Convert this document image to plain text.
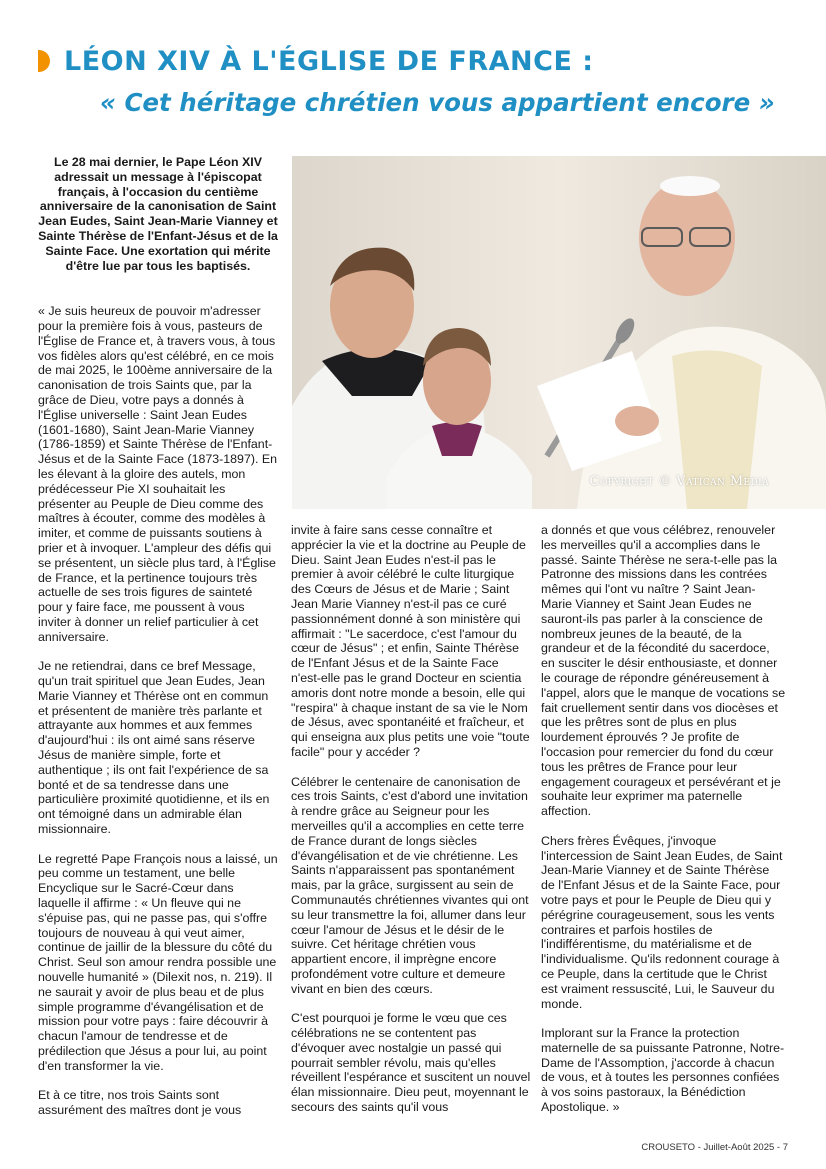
LÉON XIV À L'ÉGLISE DE FRANCE :
« Cet héritage chrétien vous appartient encore »

Le 28 mai dernier, le Pape Léon XIV adressait un message à l'épiscopat français, à l'occasion du centième anniversaire de la canonisation de Saint Jean Eudes, Saint Jean-Marie Vianney et Sainte Thérèse de l'Enfant-Jésus et de la Sainte Face. Une exortation qui mérite d'être lue par tous les baptisés.

« Je suis heureux de pouvoir m'adresser pour la première fois à vous, pasteurs de l'Église de France et, à travers vous, à tous vos fidèles alors qu'est célébré, en ce mois de mai 2025, le 100ème anniversaire de la canonisation de trois Saints que, par la grâce de Dieu, votre pays a donnés à l'Église universelle : Saint Jean Eudes (1601-1680), Saint Jean-Marie Vianney (1786-1859) et Sainte Thérèse de l'Enfant-Jésus et de la Sainte Face (1873-1897). En les élevant à la gloire des autels, mon prédécesseur Pie XI souhaitait les présenter au Peuple de Dieu comme des maîtres à écouter, comme des modèles à imiter, et comme de puissants soutiens à prier et à invoquer. L'ampleur des défis qui se présentent, un siècle plus tard, à l'Église de France, et la pertinence toujours très actuelle de ses trois figures de sainteté pour y faire face, me poussent à vous inviter à donner un relief particulier à cet anniversaire.

Je ne retiendrai, dans ce bref Message, qu'un trait spirituel que Jean Eudes, Jean Marie Vianney et Thérèse ont en commun et présentent de manière très parlante et attrayante aux hommes et aux femmes d'aujourd'hui : ils ont aimé sans réserve Jésus de manière simple, forte et authentique ; ils ont fait l'expérience de sa bonté et de sa tendresse dans une particulière proximité quotidienne, et ils en ont témoigné dans un admirable élan missionnaire.

Le regretté Pape François nous a laissé, un peu comme un testament, une belle Encyclique sur le Sacré-Cœur dans laquelle il affirme : « Un fleuve qui ne s'épuise pas, qui ne passe pas, qui s'offre toujours de nouveau à qui veut aimer, continue de jaillir de la blessure du côté du Christ. Seul son amour rendra possible une nouvelle humanité » (Dilexit nos, n. 219). Il ne saurait y avoir de plus beau et de plus simple programme d'évangélisation et de mission pour votre pays : faire découvrir à chacun l'amour de tendresse et de prédilection que Jésus a pour lui, au point d'en transformer la vie.

Et à ce titre, nos trois Saints sont assurément des maîtres dont je vous

Copyright © Vatican Media

invite à faire sans cesse connaître et apprécier la vie et la doctrine au Peuple de Dieu. Saint Jean Eudes n'est-il pas le premier à avoir célébré le culte liturgique des Cœurs de Jésus et de Marie ; Saint Jean Marie Vianney n'est-il pas ce curé passionnément donné à son ministère qui affirmait : "Le sacerdoce, c'est l'amour du cœur de Jésus" ; et enfin, Sainte Thérèse de l'Enfant Jésus et de la Sainte Face n'est-elle pas le grand Docteur en scientia amoris dont notre monde a besoin, elle qui "respira" à chaque instant de sa vie le Nom de Jésus, avec spontanéité et fraîcheur, et qui enseigna aux plus petits une voie "toute facile" pour y accéder ?

Célébrer le centenaire de canonisation de ces trois Saints, c'est d'abord une invitation à rendre grâce au Seigneur pour les merveilles qu'il a accomplies en cette terre de France durant de longs siècles d'évangélisation et de vie chrétienne. Les Saints n'apparaissent pas spontanément mais, par la grâce, surgissent au sein de Communautés chrétiennes vivantes qui ont su leur transmettre la foi, allumer dans leur cœur l'amour de Jésus et le désir de le suivre. Cet héritage chrétien vous appartient encore, il imprègne encore profondément votre culture et demeure vivant en bien des cœurs.

C'est pourquoi je forme le vœu que ces célébrations ne se contentent pas d'évoquer avec nostalgie un passé qui pourrait sembler révolu, mais qu'elles réveillent l'espérance et suscitent un nouvel élan missionnaire. Dieu peut, moyennant le secours des saints qu'il vous

a donnés et que vous célébrez, renouveler les merveilles qu'il a accomplies dans le passé. Sainte Thérèse ne sera-t-elle pas la Patronne des missions dans les contrées mêmes qui l'ont vu naître ? Saint Jean-Marie Vianney et Saint Jean Eudes ne sauront-ils pas parler à la conscience de nombreux jeunes de la beauté, de la grandeur et de la fécondité du sacerdoce, en susciter le désir enthousiaste, et donner le courage de répondre généreusement à l'appel, alors que le manque de vocations se fait cruellement sentir dans vos diocèses et que les prêtres sont de plus en plus lourdement éprouvés ? Je profite de l'occasion pour remercier du fond du cœur tous les prêtres de France pour leur engagement courageux et persévérant et je souhaite leur exprimer ma paternelle affection.

Chers frères Évêques, j'invoque l'intercession de Saint Jean Eudes, de Saint Jean-Marie Vianney et de Sainte Thérèse de l'Enfant Jésus et de la Sainte Face, pour votre pays et pour le Peuple de Dieu qui y pérégrine courageusement, sous les vents contraires et parfois hostiles de l'indifférentisme, du matérialisme et de l'individualisme. Qu'ils redonnent courage à ce Peuple, dans la certitude que le Christ est vraiment ressuscité, Lui, le Sauveur du monde.

Implorant sur la France la protection maternelle de sa puissante Patronne, Notre-Dame de l'Assomption, j'accorde à chacun de vous, et à toutes les personnes confiées à vos soins pastoraux, la Bénédiction Apostolique. »

CROUSETO - Juillet-Août 2025 - 7
